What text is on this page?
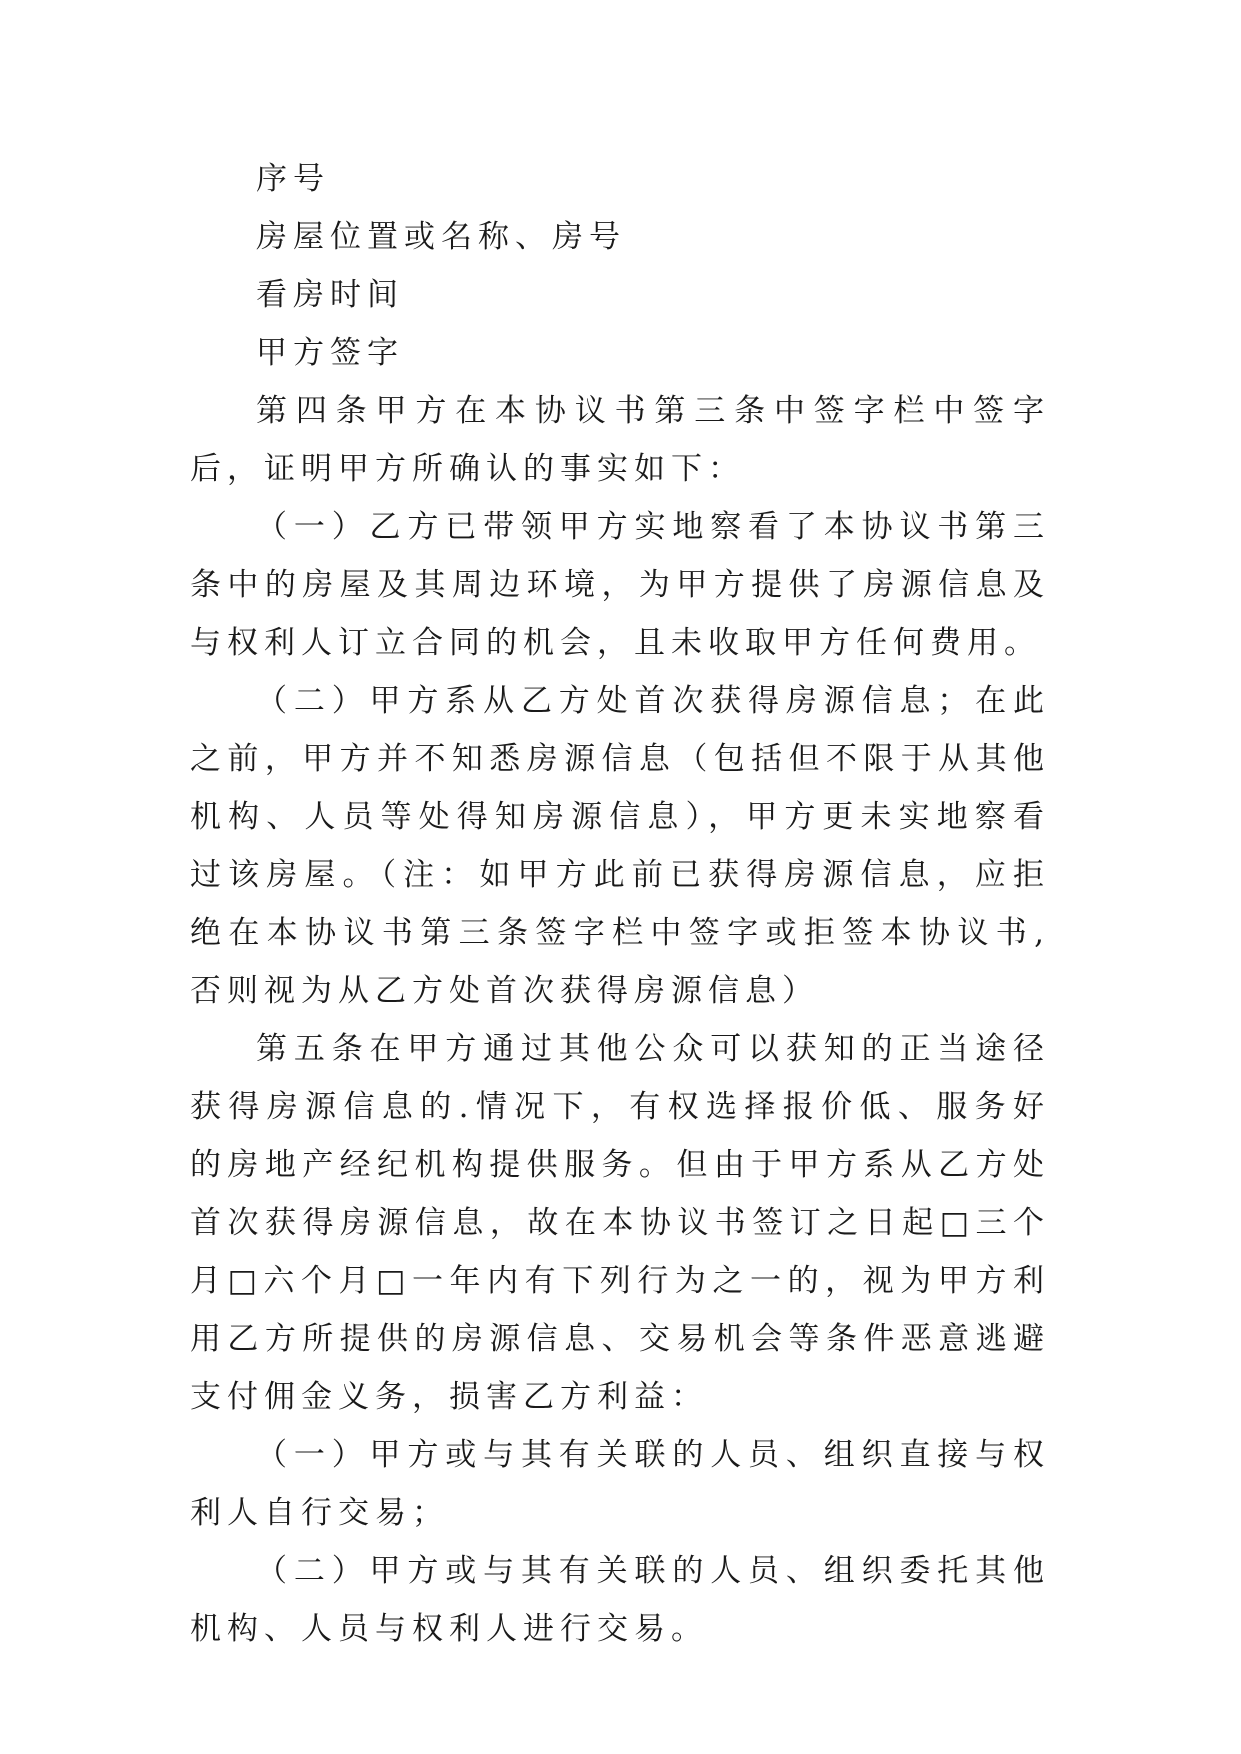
序号

房屋位置或名称、房号

看房时间

甲方签字

第四条甲方在本协议书第三条中签字栏中签字后，证明甲方所确认的事实如下：

（一）乙方已带领甲方实地察看了本协议书第三条中的房屋及其周边环境，为甲方提供了房源信息及与权利人订立合同的机会，且未收取甲方任何费用。

（二）甲方系从乙方处首次获得房源信息；在此之前，甲方并不知悉房源信息（包括但不限于从其他机构、人员等处得知房源信息），甲方更未实地察看过该房屋。（注：如甲方此前已获得房源信息，应拒绝在本协议书第三条签字栏中签字或拒签本协议书,否则视为从乙方处首次获得房源信息）

第五条在甲方通过其他公众可以获知的正当途径获得房源信息的.情况下，有权选择报价低、服务好的房地产经纪机构提供服务。但由于甲方系从乙方处首次获得房源信息，故在本协议书签订之日起□三个月□六个月□一年内有下列行为之一的，视为甲方利用乙方所提供的房源信息、交易机会等条件恶意逃避支付佣金义务，损害乙方利益：

（一）甲方或与其有关联的人员、组织直接与权利人自行交易；

（二）甲方或与其有关联的人员、组织委托其他机构、人员与权利人进行交易。
